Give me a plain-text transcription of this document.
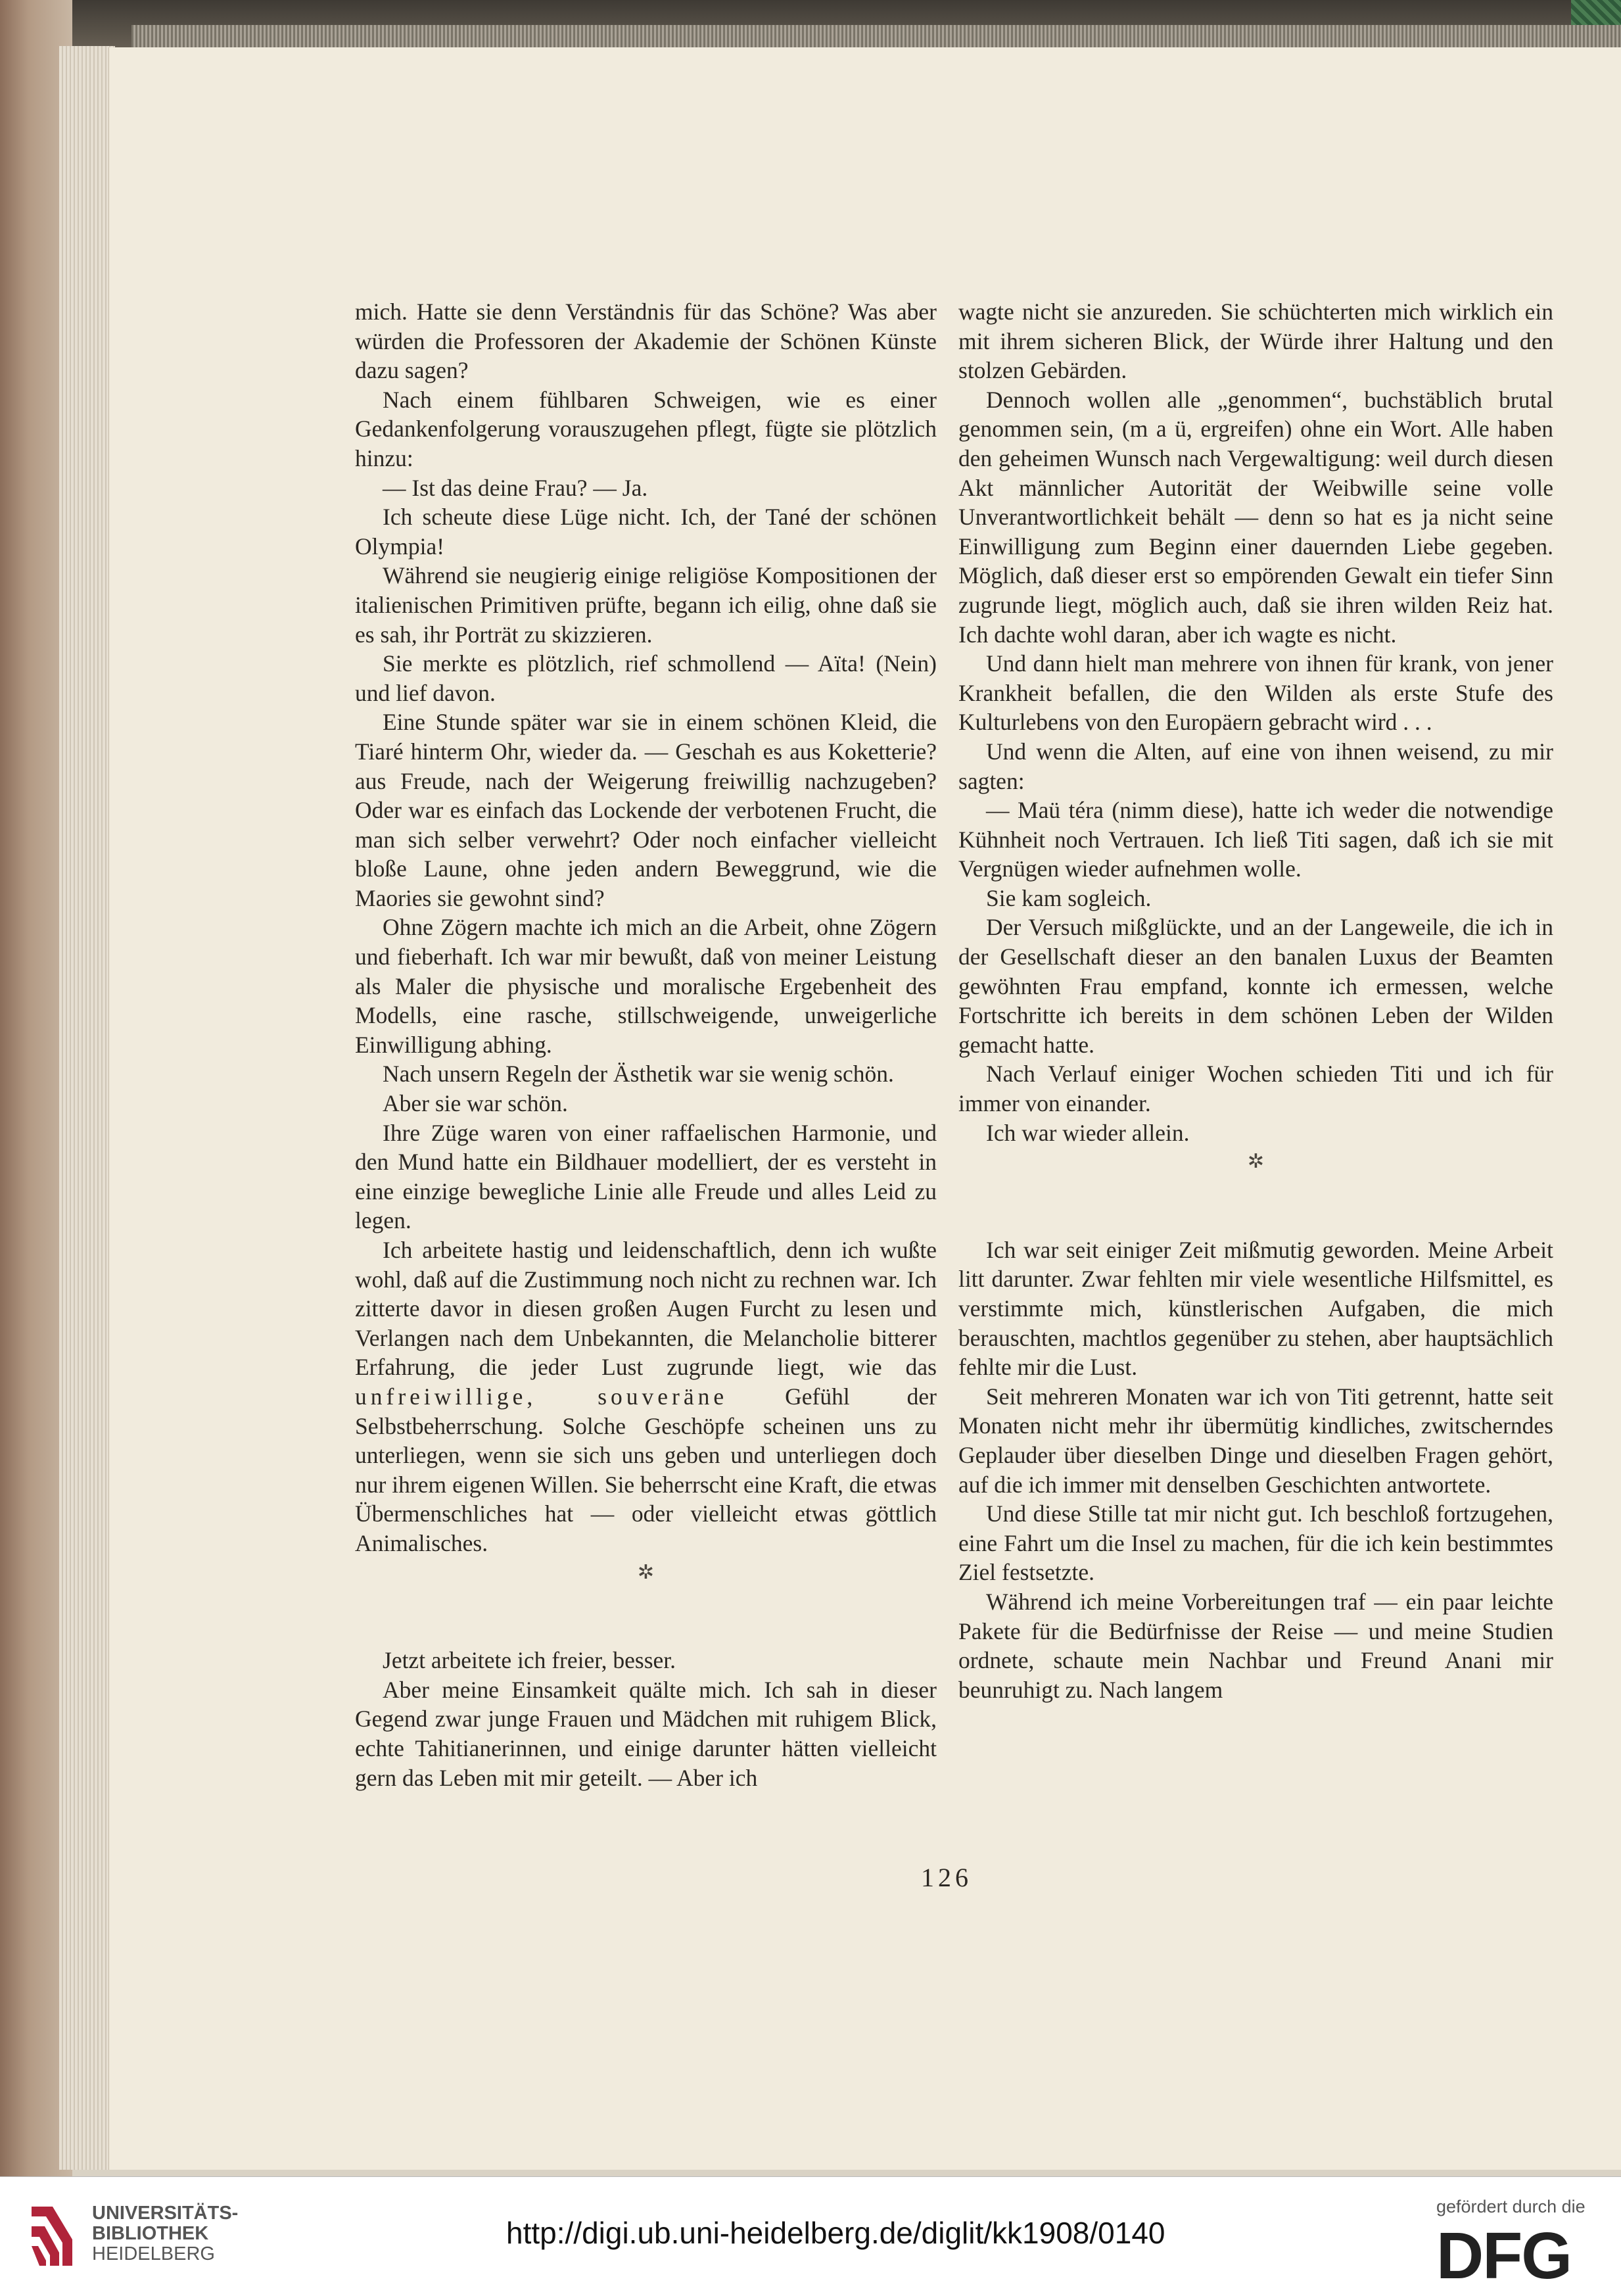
mich. Hatte sie denn Verständnis für das Schöne? Was aber würden die Professoren der Akademie der Schönen Künste dazu sagen?

Nach einem fühlbaren Schweigen, wie es einer Gedankenfolgerung vorauszugehen pflegt, fügte sie plötzlich hinzu:

— Ist das deine Frau? — Ja.

Ich scheute diese Lüge nicht. Ich, der Tané der schönen Olympia!

Während sie neugierig einige religiöse Kompositionen der italienischen Primitiven prüfte, begann ich eilig, ohne daß sie es sah, ihr Porträt zu skizzieren.

Sie merkte es plötzlich, rief schmollend — Aïta! (Nein) und lief davon.

Eine Stunde später war sie in einem schönen Kleid, die Tiaré hinterm Ohr, wieder da. — Geschah es aus Koketterie? aus Freude, nach der Weigerung freiwillig nachzugeben? Oder war es einfach das Lockende der verbotenen Frucht, die man sich selber verwehrt? Oder noch einfacher vielleicht bloße Laune, ohne jeden andern Beweggrund, wie die Maories sie gewohnt sind?

Ohne Zögern machte ich mich an die Arbeit, ohne Zögern und fieberhaft. Ich war mir bewußt, daß von meiner Leistung als Maler die physische und moralische Ergebenheit des Modells, eine rasche, stillschweigende, unweigerliche Einwilligung abhing.

Nach unsern Regeln der Ästhetik war sie wenig schön.

Aber sie war schön.

Ihre Züge waren von einer raffaelischen Harmonie, und den Mund hatte ein Bildhauer modelliert, der es versteht in eine einzige bewegliche Linie alle Freude und alles Leid zu legen.

Ich arbeitete hastig und leidenschaftlich, denn ich wußte wohl, daß auf die Zustimmung noch nicht zu rechnen war. Ich zitterte davor in diesen großen Augen Furcht zu lesen und Verlangen nach dem Unbekannten, die Melancholie bitterer Erfahrung, die jeder Lust zugrunde liegt, wie das unfreiwillige, souveräne Gefühl der Selbstbeherrschung. Solche Geschöpfe scheinen uns zu unterliegen, wenn sie sich uns geben und unterliegen doch nur ihrem eigenen Willen. Sie beherrscht eine Kraft, die etwas Übermenschliches hat — oder vielleicht etwas göttlich Animalisches.

✲

Jetzt arbeitete ich freier, besser.

Aber meine Einsamkeit quälte mich. Ich sah in dieser Gegend zwar junge Frauen und Mädchen mit ruhigem Blick, echte Tahitianerinnen, und einige darunter hätten vielleicht gern das Leben mit mir geteilt. — Aber ich

wagte nicht sie anzureden. Sie schüchterten mich wirklich ein mit ihrem sicheren Blick, der Würde ihrer Haltung und den stolzen Gebärden.

Dennoch wollen alle „genommen“, buchstäblich brutal genommen sein, (m a ü, ergreifen) ohne ein Wort. Alle haben den geheimen Wunsch nach Vergewaltigung: weil durch diesen Akt männlicher Autorität der Weibwille seine volle Unverantwortlichkeit behält — denn so hat es ja nicht seine Einwilligung zum Beginn einer dauernden Liebe gegeben. Möglich, daß dieser erst so empörenden Gewalt ein tiefer Sinn zugrunde liegt, möglich auch, daß sie ihren wilden Reiz hat. Ich dachte wohl daran, aber ich wagte es nicht.

Und dann hielt man mehrere von ihnen für krank, von jener Krankheit befallen, die den Wilden als erste Stufe des Kulturlebens von den Europäern gebracht wird . . .

Und wenn die Alten, auf eine von ihnen weisend, zu mir sagten:

— Maü téra (nimm diese), hatte ich weder die notwendige Kühnheit noch Vertrauen. Ich ließ Titi sagen, daß ich sie mit Vergnügen wieder aufnehmen wolle.

Sie kam sogleich.

Der Versuch mißglückte, und an der Langeweile, die ich in der Gesellschaft dieser an den banalen Luxus der Beamten gewöhnten Frau empfand, konnte ich ermessen, welche Fortschritte ich bereits in dem schönen Leben der Wilden gemacht hatte.

Nach Verlauf einiger Wochen schieden Titi und ich für immer von einander.

Ich war wieder allein.

✲

Ich war seit einiger Zeit mißmutig geworden. Meine Arbeit litt darunter. Zwar fehlten mir viele wesentliche Hilfsmittel, es verstimmte mich, künstlerischen Aufgaben, die mich berauschten, machtlos gegenüber zu stehen, aber hauptsächlich fehlte mir die Lust.

Seit mehreren Monaten war ich von Titi getrennt, hatte seit Monaten nicht mehr ihr übermütig kindliches, zwitscherndes Geplauder über dieselben Dinge und dieselben Fragen gehört, auf die ich immer mit denselben Geschichten antwortete.

Und diese Stille tat mir nicht gut. Ich beschloß fortzugehen, eine Fahrt um die Insel zu machen, für die ich kein bestimmtes Ziel festsetzte.

Während ich meine Vorbereitungen traf — ein paar leichte Pakete für die Bedürfnisse der Reise — und meine Studien ordnete, schaute mein Nachbar und Freund Anani mir beunruhigt zu. Nach langem

126
UNIVERSITÄTS-
BIBLIOTHEK
HEIDELBERG
http://digi.ub.uni-heidelberg.de/diglit/kk1908/0140
gefördert durch die
DFG
